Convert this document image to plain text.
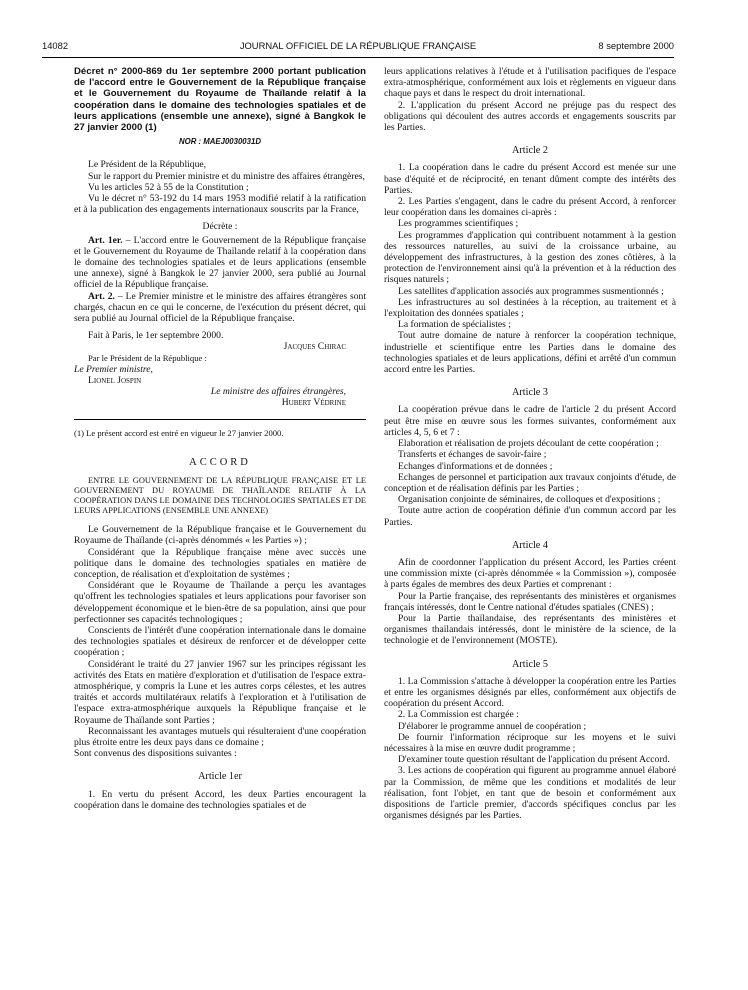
14082	JOURNAL OFFICIEL DE LA RÉPUBLIQUE FRANÇAISE	8 septembre 2000
Décret n° 2000-869 du 1er septembre 2000 portant publication de l'accord entre le Gouvernement de la République française et le Gouvernement du Royaume de Thaïlande relatif à la coopération dans le domaine des technologies spatiales et de leurs applications (ensemble une annexe), signé à Bangkok le 27 janvier 2000 (1)
NOR : MAEJ0030031D

Le Président de la République,

Sur le rapport du Premier ministre et du ministre des affaires étrangères,

Vu les articles 52 à 55 de la Constitution ;

Vu le décret n° 53-192 du 14 mars 1953 modifié relatif à la ratification et à la publication des engagements internationaux souscrits par la France,

Décrète :

Art. 1er. – L'accord entre le Gouvernement de la République française et le Gouvernement du Royaume de Thaïlande relatif à la coopération dans le domaine des technologies spatiales et de leurs applications (ensemble une annexe), signé à Bangkok le 27 janvier 2000, sera publié au Journal officiel de la République française.

Art. 2. – Le Premier ministre et le ministre des affaires étrangères sont chargés, chacun en ce qui le concerne, de l'exécution du présent décret, qui sera publié au Journal officiel de la République française.

Fait à Paris, le 1er septembre 2000.

Jacques Chirac

Par le Président de la République :

Le Premier ministre,

Lionel Jospin

Le ministre des affaires étrangères,

Hubert Védrine

(1) Le présent accord est entré en vigueur le 27 janvier 2000.

ACCORD

ENTRE LE GOUVERNEMENT DE LA RÉPUBLIQUE FRANÇAISE ET LE GOUVERNEMENT DU ROYAUME DE THAÏLANDE RELATIF À LA COOPÉRATION DANS LE DOMAINE DES TECHNOLOGIES SPATIALES ET DE LEURS APPLICATIONS (ENSEMBLE UNE ANNEXE)

Le Gouvernement de la République française et le Gouvernement du Royaume de Thaïlande (ci-après dénommés « les Parties ») ;

Considérant que la République française mène avec succès une politique dans le domaine des technologies spatiales en matière de conception, de réalisation et d'exploitation de systèmes ;

Considérant que le Royaume de Thaïlande a perçu les avantages qu'offrent les technologies spatiales et leurs applications pour favoriser son développement économique et le bien-être de sa population, ainsi que pour perfectionner ses capacités technologiques ;

Conscients de l'intérêt d'une coopération internationale dans le domaine des technologies spatiales et désireux de renforcer et de développer cette coopération ;

Considérant le traité du 27 janvier 1967 sur les principes régissant les activités des Etats en matière d'exploration et d'utilisation de l'espace extra-atmosphérique, y compris la Lune et les autres corps célestes, et les autres traités et accords multilatéraux relatifs à l'exploration et à l'utilisation de l'espace extra-atmosphérique auxquels la République française et le Royaume de Thaïlande sont Parties ;

Reconnaissant les avantages mutuels qui résulteraient d'une coopération plus étroite entre les deux pays dans ce domaine ;

Sont convenus des dispositions suivantes :

Article 1er

1. En vertu du présent Accord, les deux Parties encouragent la coopération dans le domaine des technologies spatiales et de

leurs applications relatives à l'étude et à l'utilisation pacifiques de l'espace extra-atmosphérique, conformément aux lois et règlements en vigueur dans chaque pays et dans le respect du droit international.

2. L'application du présent Accord ne préjuge pas du respect des obligations qui découlent des autres accords et engagements souscrits par les Parties.

Article 2

1. La coopération dans le cadre du présent Accord est menée sur une base d'équité et de réciprocité, en tenant dûment compte des intérêts des Parties.

2. Les Parties s'engagent, dans le cadre du présent Accord, à renforcer leur coopération dans les domaines ci-après :

Les programmes scientifiques ;

Les programmes d'application qui contribuent notamment à la gestion des ressources naturelles, au suivi de la croissance urbaine, au développement des infrastructures, à la gestion des zones côtières, à la protection de l'environnement ainsi qu'à la prévention et à la réduction des risques naturels ;

Les satellites d'application associés aux programmes susmentionnés ;

Les infrastructures au sol destinées à la réception, au traitement et à l'exploitation des données spatiales ;

La formation de spécialistes ;

Tout autre domaine de nature à renforcer la coopération technique, industrielle et scientifique entre les Parties dans le domaine des technologies spatiales et de leurs applications, défini et arrêté d'un commun accord entre les Parties.

Article 3

La coopération prévue dans le cadre de l'article 2 du présent Accord peut être mise en œuvre sous les formes suivantes, conformément aux articles 4, 5, 6 et 7 :

Elaboration et réalisation de projets découlant de cette coopération ;

Transferts et échanges de savoir-faire ;

Echanges d'informations et de données ;

Echanges de personnel et participation aux travaux conjoints d'étude, de conception et de réalisation définis par les Parties ;

Organisation conjointe de séminaires, de colloques et d'expositions ;

Toute autre action de coopération définie d'un commun accord par les Parties.

Article 4

Afin de coordonner l'application du présent Accord, les Parties créent une commission mixte (ci-après dénommée « la Commission »), composée à parts égales de membres des deux Parties et comprenant :

Pour la Partie française, des représentants des ministères et organismes français intéressés, dont le Centre national d'études spatiales (CNES) ;

Pour la Partie thaïlandaise, des représentants des ministères et organismes thaïlandais intéressés, dont le ministère de la science, de la technologie et de l'environnement (MOSTE).

Article 5

1. La Commission s'attache à développer la coopération entre les Parties et entre les organismes désignés par elles, conformément aux objectifs de coopération du présent Accord.

2. La Commission est chargée :

D'élaborer le programme annuel de coopération ;

De fournir l'information réciproque sur les moyens et le suivi nécessaires à la mise en œuvre dudit programme ;

D'examiner toute question résultant de l'application du présent Accord.

3. Les actions de coopération qui figurent au programme annuel élaboré par la Commission, de même que les conditions et modalités de leur réalisation, font l'objet, en tant que de besoin et conformément aux dispositions de l'article premier, d'accords spécifiques conclus par les organismes désignés par les Parties.
